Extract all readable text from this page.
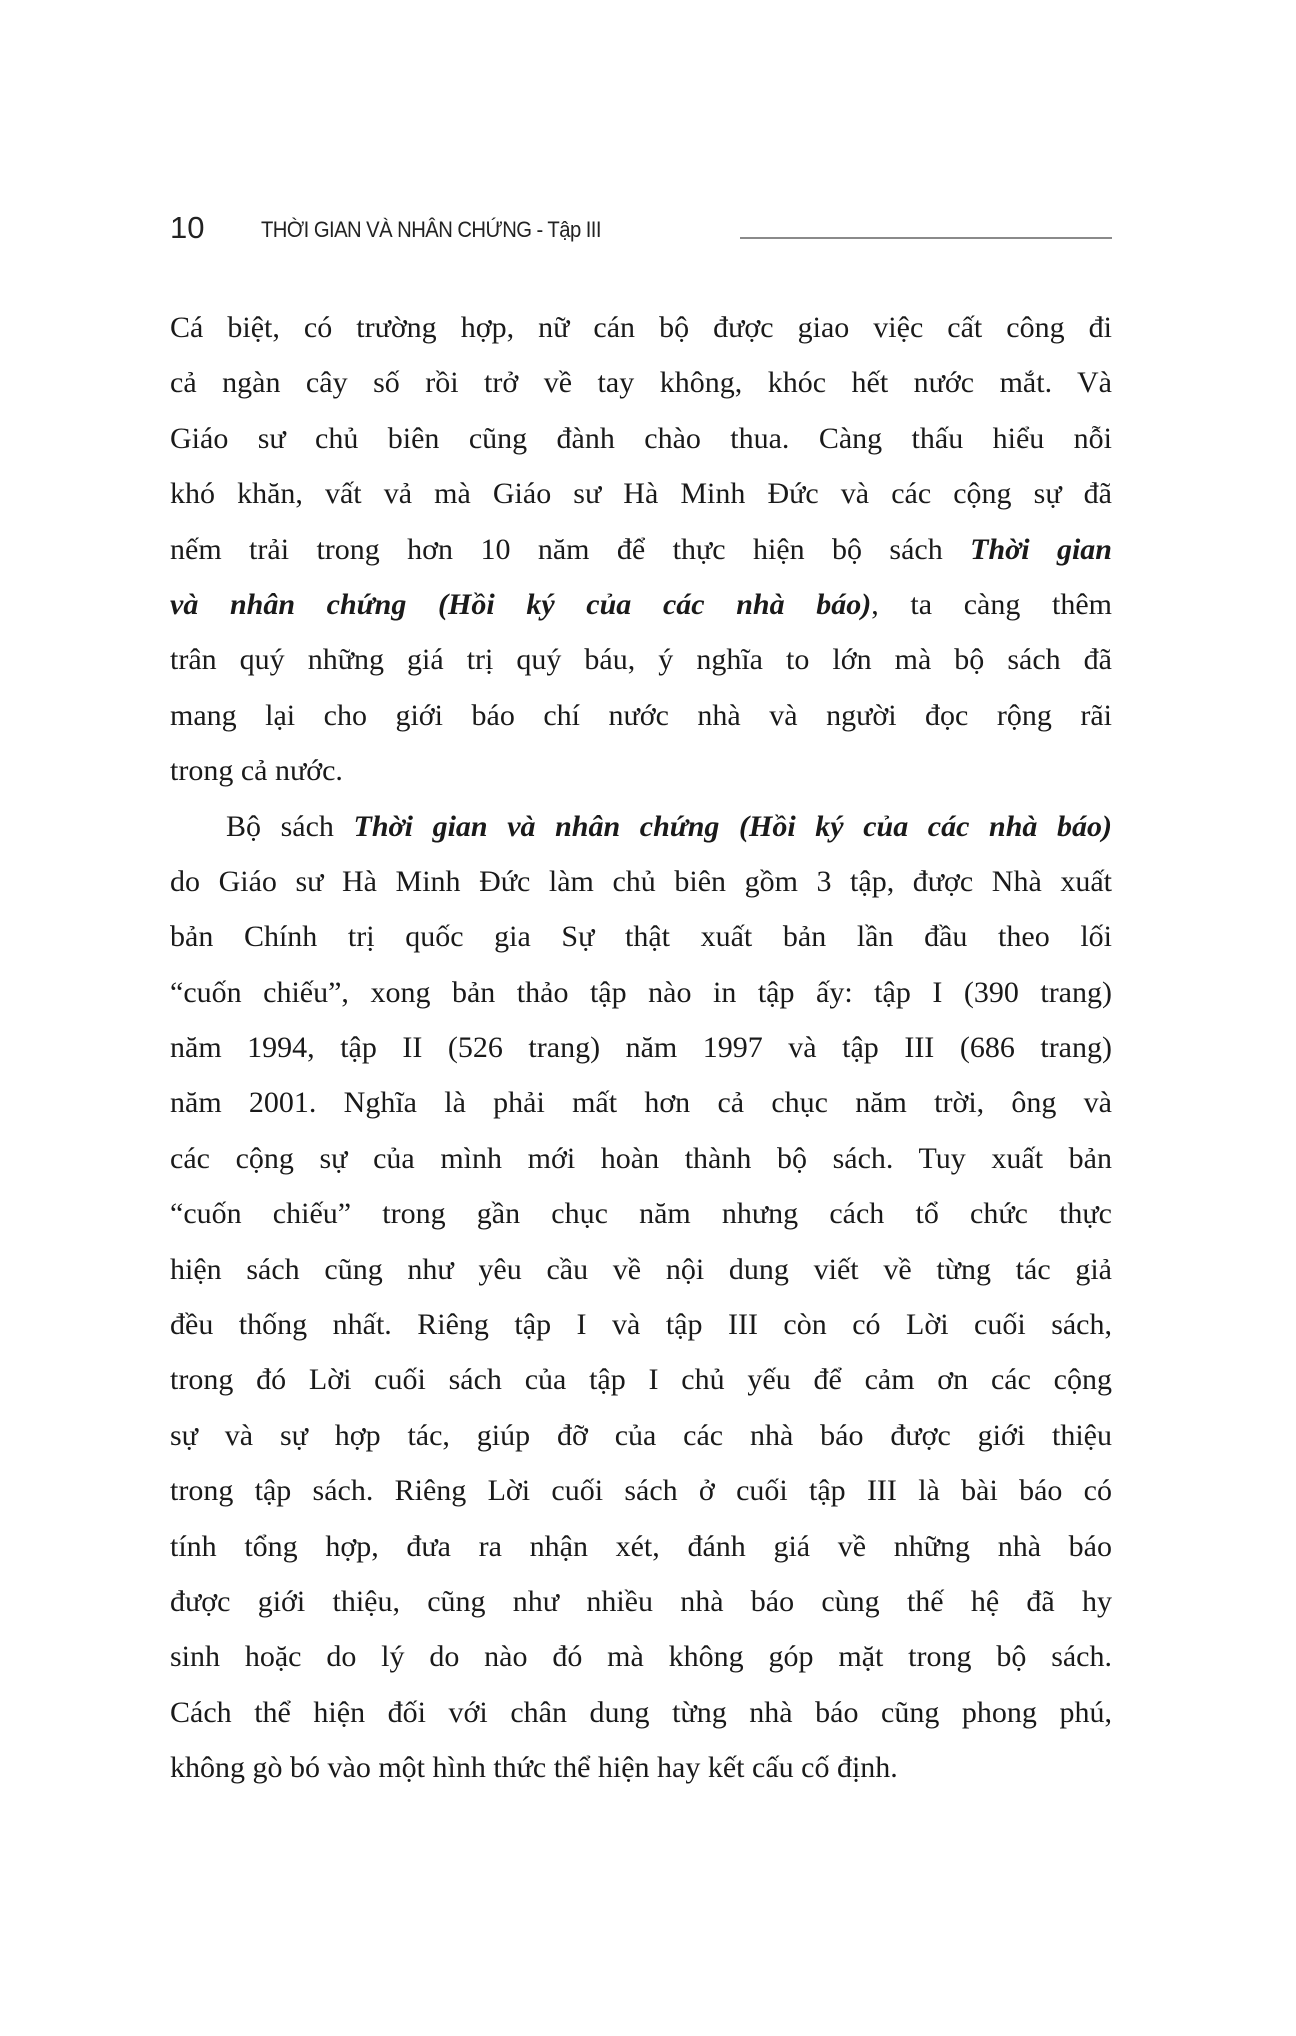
10	THỜI GIAN VÀ NHÂN CHỨNG - Tập III
Cá biệt, có trường hợp, nữ cán bộ được giao việc cất công đi
cả ngàn cây số rồi trở về tay không, khóc hết nước mắt. Và
Giáo sư chủ biên cũng đành chào thua. Càng thấu hiểu nỗi
khó khăn, vất vả mà Giáo sư Hà Minh Đức và các cộng sự đã
nếm trải trong hơn 10 năm để thực hiện bộ sách Thời gian
và nhân chứng (Hồi ký của các nhà báo), ta càng thêm
trân quý những giá trị quý báu, ý nghĩa to lớn mà bộ sách đã
mang lại cho giới báo chí nước nhà và người đọc rộng rãi
trong cả nước.
Bộ sách Thời gian và nhân chứng (Hồi ký của các nhà báo)
do Giáo sư Hà Minh Đức làm chủ biên gồm 3 tập, được Nhà xuất
bản Chính trị quốc gia Sự thật xuất bản lần đầu theo lối
“cuốn chiếu”, xong bản thảo tập nào in tập ấy: tập I (390 trang)
năm 1994, tập II (526 trang) năm 1997 và tập III (686 trang)
năm 2001. Nghĩa là phải mất hơn cả chục năm trời, ông và
các cộng sự của mình mới hoàn thành bộ sách. Tuy xuất bản
“cuốn chiếu” trong gần chục năm nhưng cách tổ chức thực
hiện sách cũng như yêu cầu về nội dung viết về từng tác giả
đều thống nhất. Riêng tập I và tập III còn có Lời cuối sách,
trong đó Lời cuối sách của tập I chủ yếu để cảm ơn các cộng
sự và sự hợp tác, giúp đỡ của các nhà báo được giới thiệu
trong tập sách. Riêng Lời cuối sách ở cuối tập III là bài báo có
tính tổng hợp, đưa ra nhận xét, đánh giá về những nhà báo
được giới thiệu, cũng như nhiều nhà báo cùng thế hệ đã hy
sinh hoặc do lý do nào đó mà không góp mặt trong bộ sách.
Cách thể hiện đối với chân dung từng nhà báo cũng phong phú,
không gò bó vào một hình thức thể hiện hay kết cấu cố định.
